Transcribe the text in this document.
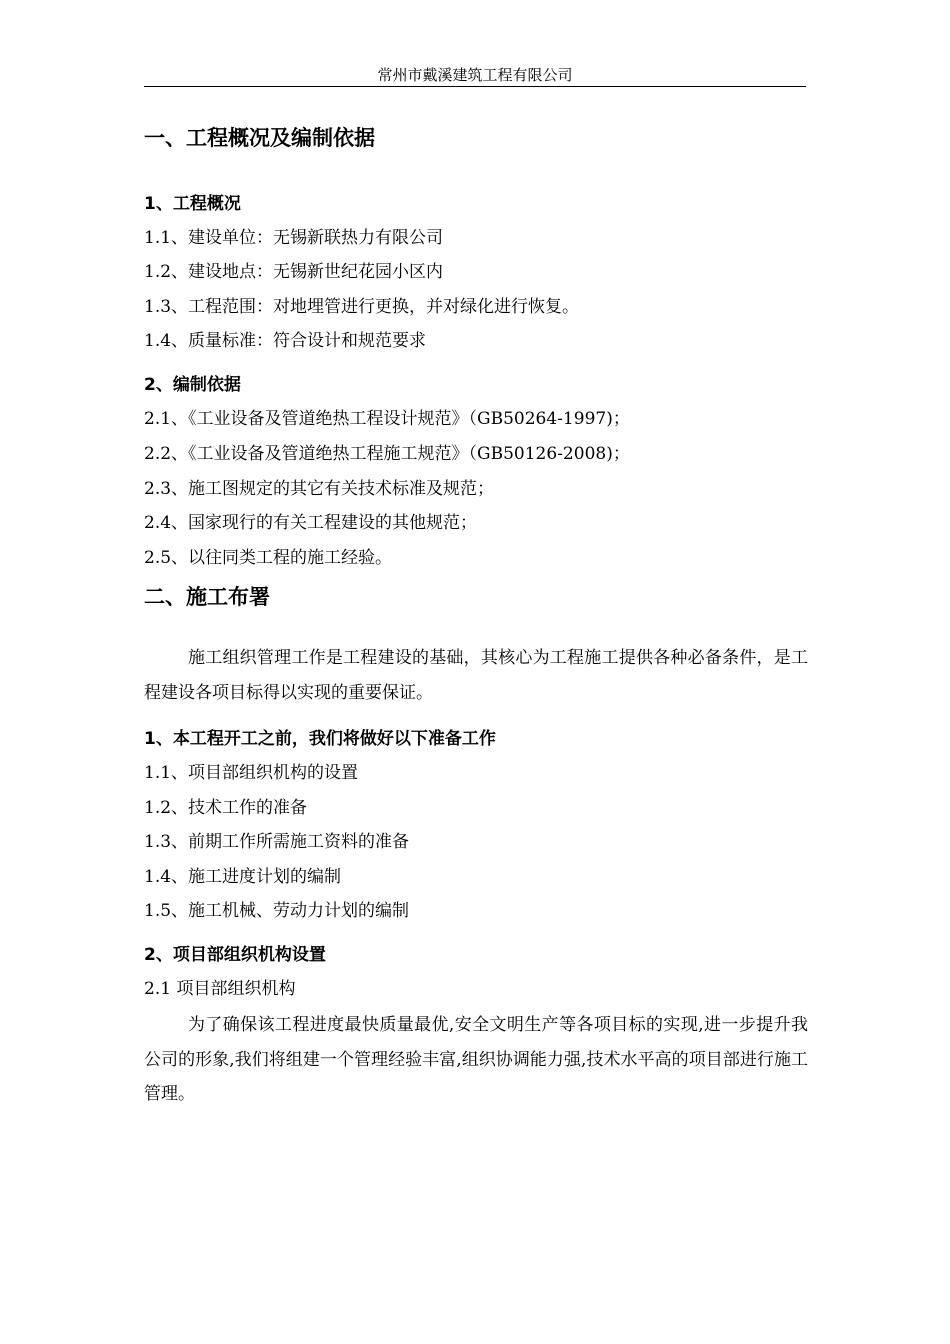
常州市戴溪建筑工程有限公司
一、工程概况及编制依据
1、工程概况
1.1、建设单位：无锡新联热力有限公司
1.2、建设地点：无锡新世纪花园小区内
1.3、工程范围：对地埋管进行更换，并对绿化进行恢复。
1.4、质量标准：符合设计和规范要求
2、编制依据
2.1、《工业设备及管道绝热工程设计规范》（GB50264-1997)；
2.2、《工业设备及管道绝热工程施工规范》（GB50126-2008)；
2.3、施工图规定的其它有关技术标准及规范；
2.4、国家现行的有关工程建设的其他规范；
2.5、以往同类工程的施工经验。
二、施工布署
施工组织管理工作是工程建设的基础，其核心为工程施工提供各种必备条件，是工程建设各项目标得以实现的重要保证。
1、本工程开工之前，我们将做好以下准备工作
1.1、项目部组织机构的设置
1.2、技术工作的准备
1.3、前期工作所需施工资料的准备
1.4、施工进度计划的编制
1.5、施工机械、劳动力计划的编制
2、项目部组织机构设置
2.1 项目部组织机构
为了确保该工程进度最快质量最优,安全文明生产等各项目标的实现,进一步提升我公司的形象,我们将组建一个管理经验丰富,组织协调能力强,技术水平高的项目部进行施工管理。
